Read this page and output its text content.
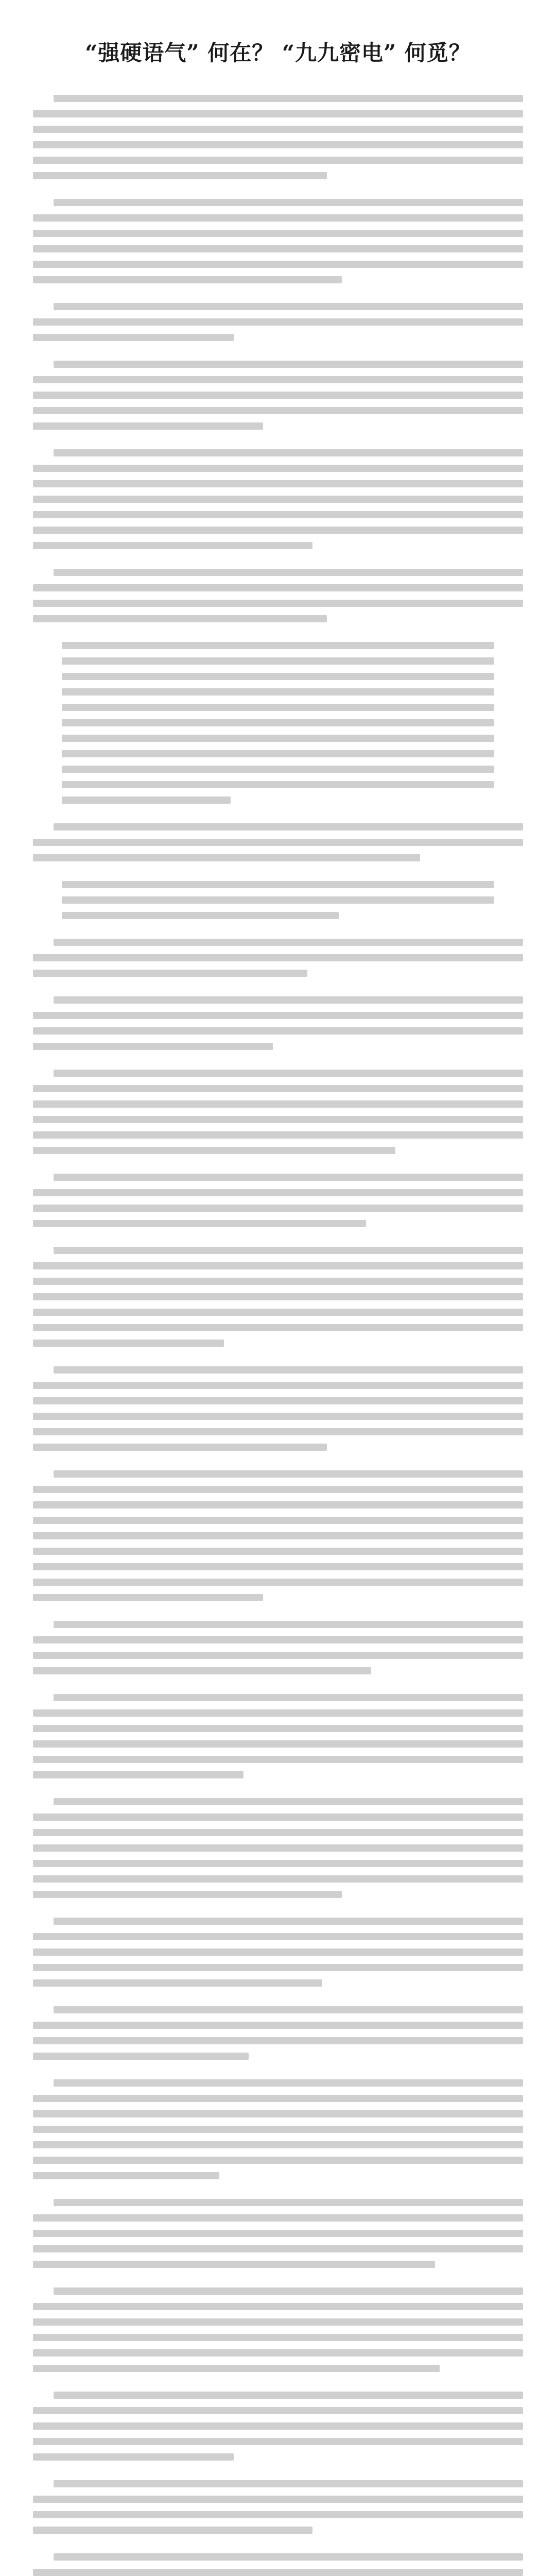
“强硬语气” 何在？ “九九密电” 何觅？
